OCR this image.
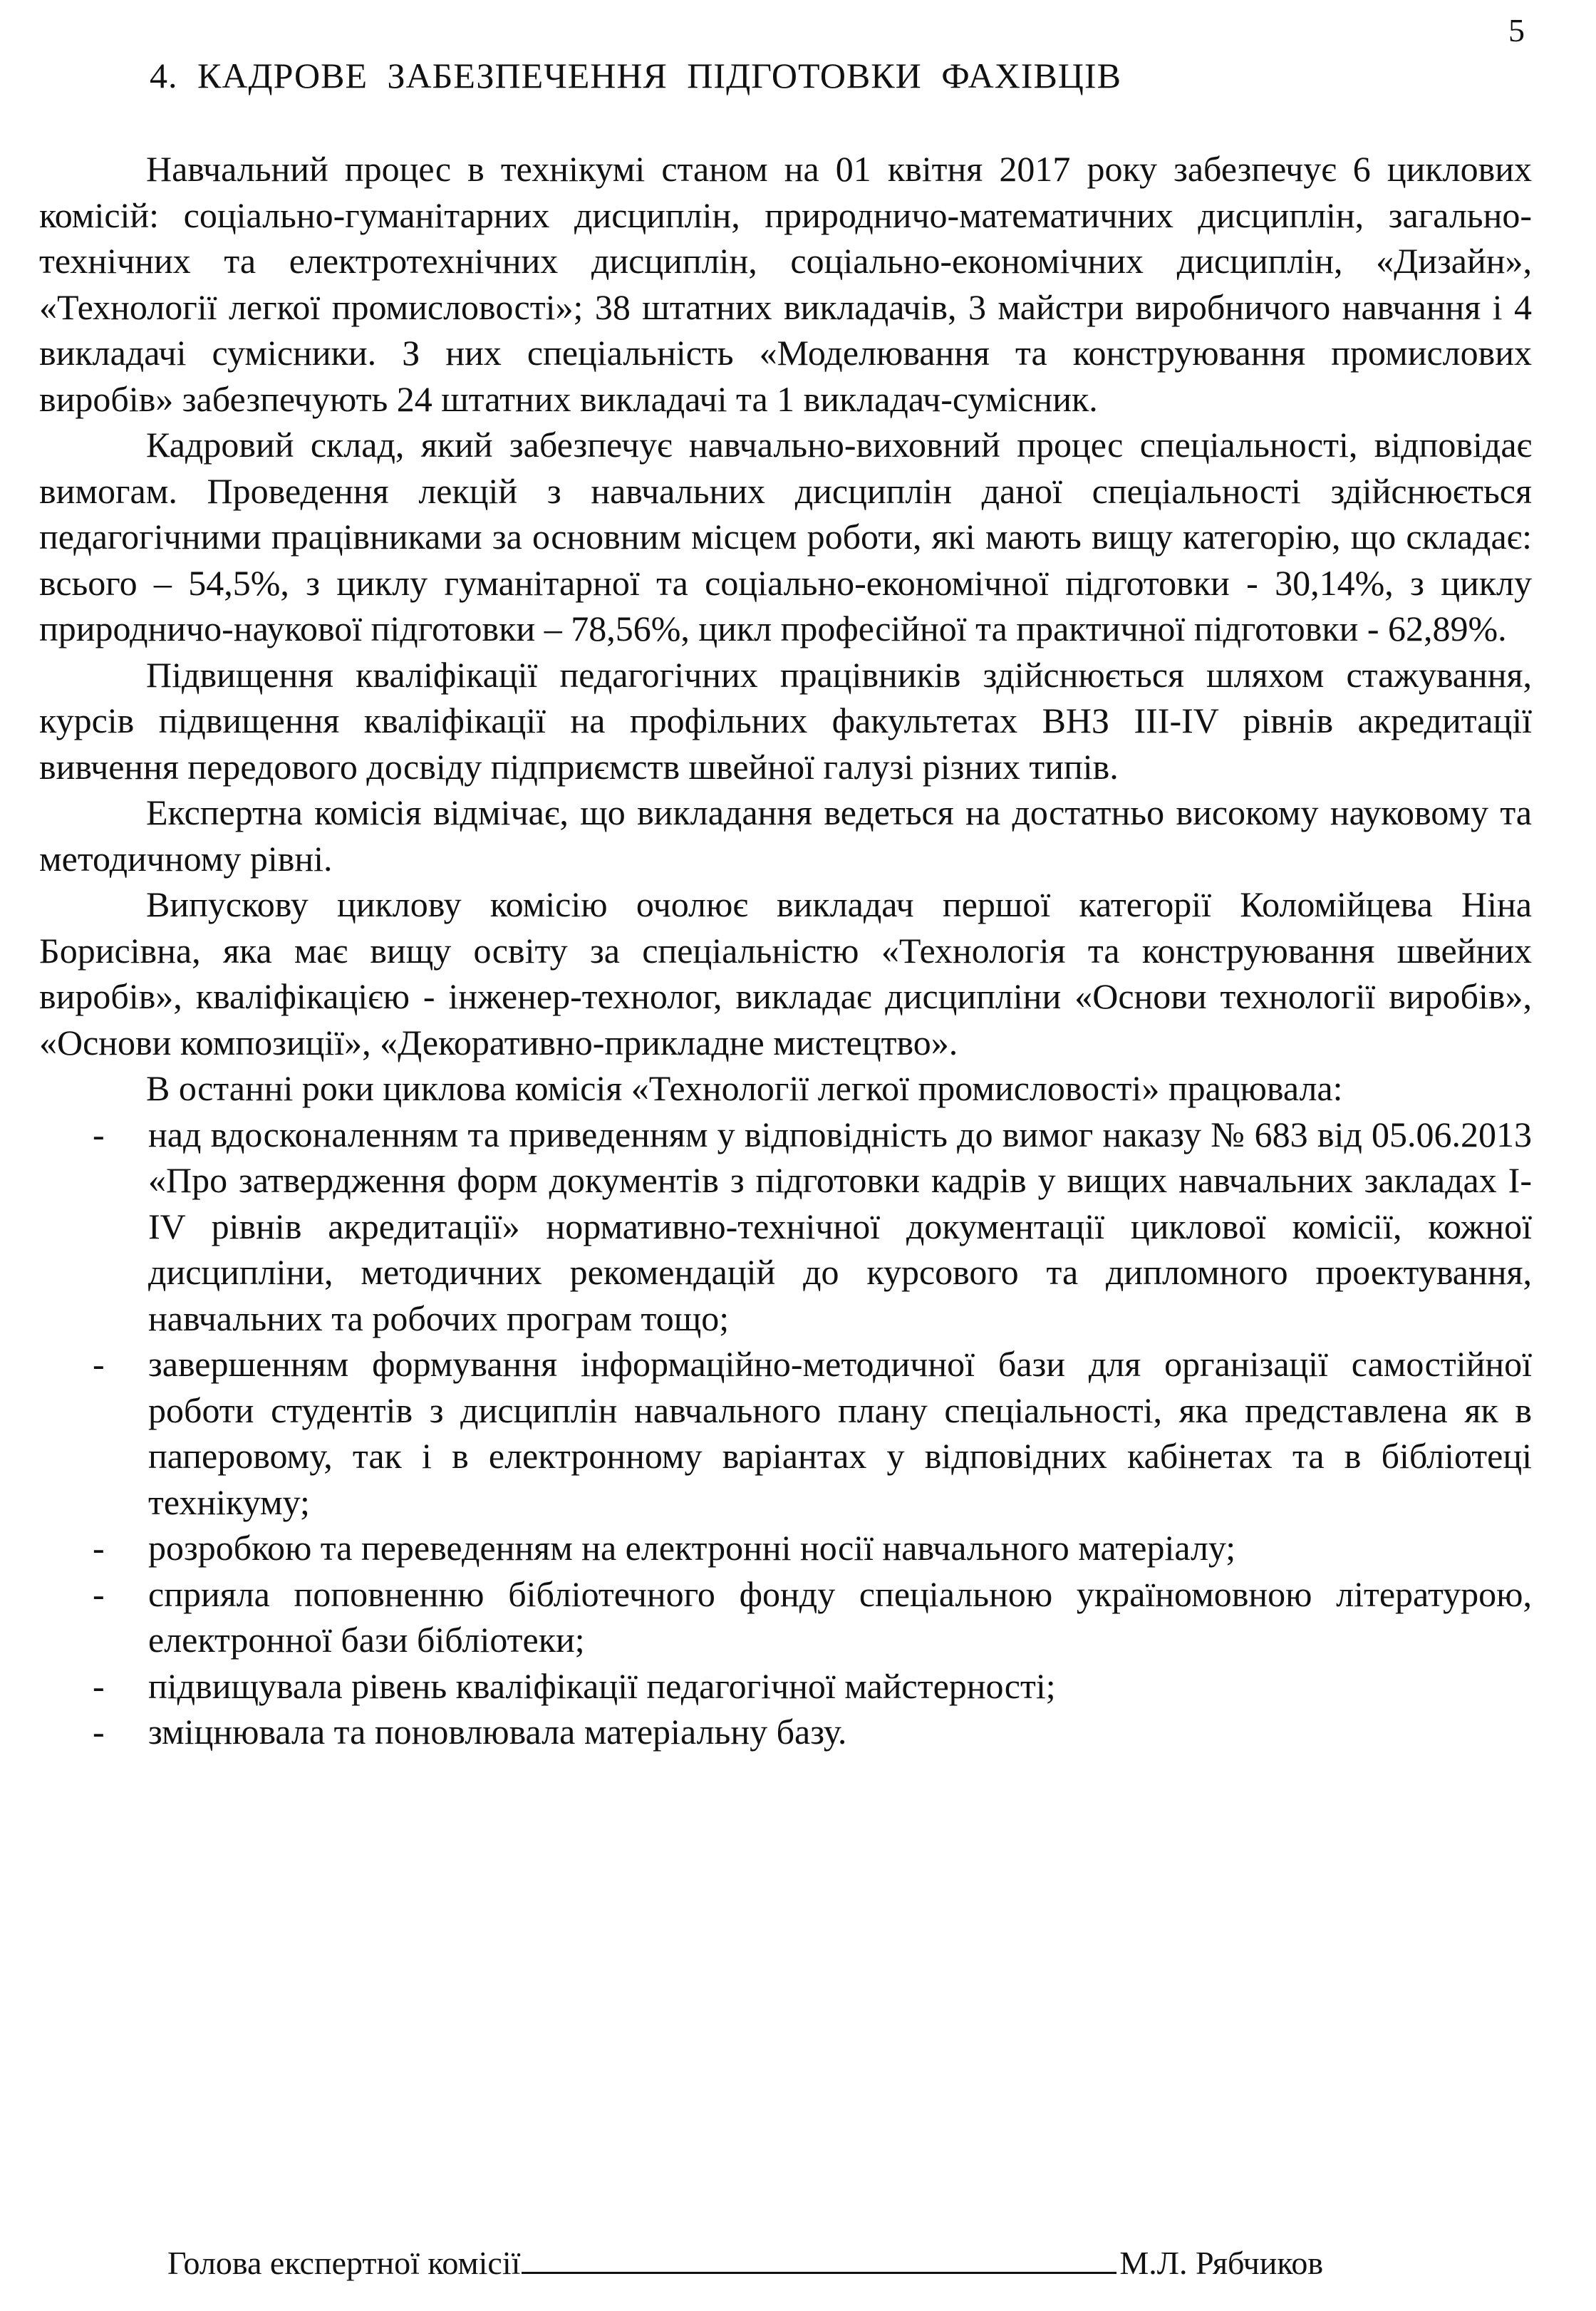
5
4. КАДРОВЕ ЗАБЕЗПЕЧЕННЯ ПІДГОТОВКИ ФАХІВЦІВ

Навчальний процес в технікумі станом на 01 квітня 2017 року забезпечує 6 циклових комісій: соціально-гуманітарних дисциплін, природничо-математичних дисциплін, загально-технічних та електротехнічних дисциплін, соціально-економічних дисциплін, «Дизайн», «Технології легкої промисловості»; 38 штатних викладачів, 3 майстри виробничого навчання і 4 викладачі сумісники. З них спеціальність «Моделювання та конструювання промислових виробів» забезпечують 24 штатних викладачі та 1 викладач-сумісник.

Кадровий склад, який забезпечує навчально-виховний процес спеціальності, відповідає вимогам. Проведення лекцій з навчальних дисциплін даної спеціальності здійснюється педагогічними працівниками за основним місцем роботи, які мають вищу категорію, що складає: всього – 54,5%, з циклу гуманітарної та соціально-економічної підготовки - 30,14%, з циклу природничо-наукової підготовки – 78,56%, цикл професійної та практичної підготовки - 62,89%.

Підвищення кваліфікації педагогічних працівників здійснюється шляхом стажування, курсів підвищення кваліфікації на профільних факультетах ВНЗ ІІІ-IV рівнів акредитації вивчення передового досвіду підприємств швейної галузі різних типів.

Експертна комісія відмічає, що викладання ведеться на достатньо високому науковому та методичному рівні.

Випускову циклову комісію очолює викладач першої категорії Коломійцева Ніна Борисівна, яка має вищу освіту за спеціальністю «Технологія та конструювання швейних виробів», кваліфікацією - інженер-технолог, викладає дисципліни «Основи технології виробів», «Основи композиції», «Декоративно-прикладне мистецтво».

В останні роки циклова комісія «Технології легкої промисловості» працювала:

- над вдосконаленням та приведенням у відповідність до вимог наказу № 683 від 05.06.2013 «Про затвердження форм документів з підготовки кадрів у вищих навчальних закладах І-IV рівнів акредитації» нормативно-технічної документації циклової комісії, кожної дисципліни, методичних рекомендацій до курсового та дипломного проектування, навчальних та робочих програм тощо;
- завершенням формування інформаційно-методичної бази для організації самостійної роботи студентів з дисциплін навчального плану спеціальності, яка представлена як в паперовому, так і в електронному варіантах у відповідних кабінетах та в бібліотеці технікуму;
- розробкою та переведенням на електронні носії навчального матеріалу;
- сприяла поповненню бібліотечного фонду спеціальною україномовною літературою, електронної бази бібліотеки;
- підвищувала рівень кваліфікації педагогічної майстерності;
- зміцнювала та поновлювала матеріальну базу.
Голова експертної комісії	М.Л. Рябчиков
